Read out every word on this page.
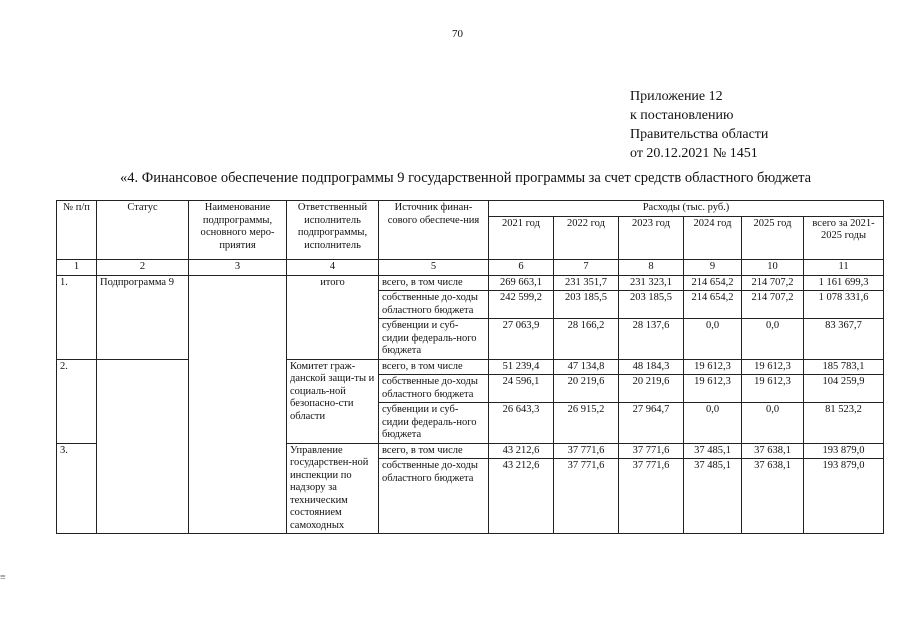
70
Приложение 12
к постановлению
Правительства области
от 20.12.2021 № 1451
«4. Финансовое обеспечение подпрограммы 9 государственной программы за счет средств областного бюджета
№ п/п	Статус	Наименование подпрограммы, основного меро-приятия	Ответственный исполнитель подпрограммы, исполнитель	Источник финан-сового обеспече-ния	Расходы (тыс. руб.)					
					2021 год	2022 год	2023 год	2024 год	2025 год	всего за 2021-2025 годы
1	2	3	4	5	6	7	8	9	10	11
1.	Подпрограмма 9		итого	всего, в том числе	269 663,1	231 351,7	231 323,1	214 654,2	214 707,2	1 161 699,3
				собственные до-ходы областного бюджета	242 599,2	203 185,5	203 185,5	214 654,2	214 707,2	1 078 331,6
				субвенции и суб-сидии федераль-ного бюджета	27 063,9	28 166,2	28 137,6	0,0	0,0	83 367,7
2.			Комитет граж-данской защи-ты и социаль-ной безопасно-сти области	всего, в том числе	51 239,4	47 134,8	48 184,3	19 612,3	19 612,3	185 783,1
				собственные до-ходы областного бюджета	24 596,1	20 219,6	20 219,6	19 612,3	19 612,3	104 259,9
				субвенции и суб-сидии федераль-ного бюджета	26 643,3	26 915,2	27 964,7	0,0	0,0	81 523,2
3.			Управление государствен-ной инспекции по надзору за техническим состоянием самоходных	всего, в том числе	43 212,6	37 771,6	37 771,6	37 485,1	37 638,1	193 879,0
				собственные до-ходы областного бюджета	43 212,6	37 771,6	37 771,6	37 485,1	37 638,1	193 879,0

≡
